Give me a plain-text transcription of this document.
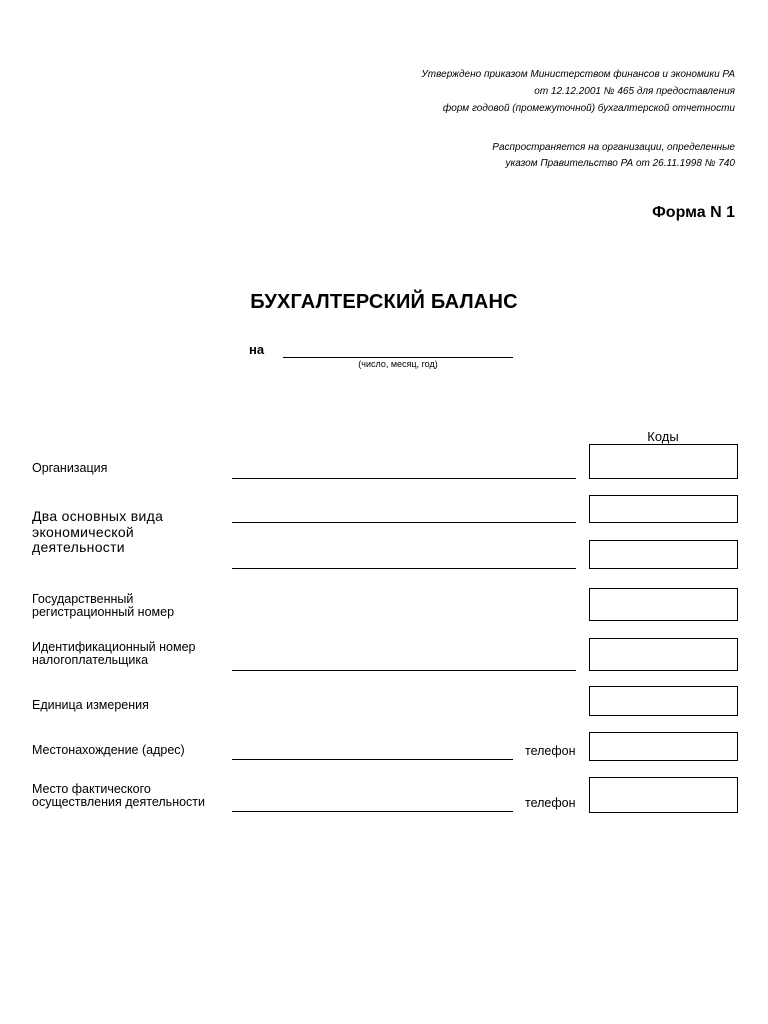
Утверждено приказом Министерством финансов и экономики РА
от 12.12.2001 № 465 для предоставления
форм годовой (промежуточной) бухгалтерской отчетности
Распространяется на организации, определенные
указом Правительство РА от 26.11.1998 № 740
Форма N 1
БУХГАЛТЕРСКИЙ БАЛАНС
на
(число, месяц, год)
Коды
Организация
Два основных вида экономической деятельности
Государственный
регистрационный номер
Идентификационный номер
налогоплательщика
Единица измерения
Местонахождение (адрес)	телефон
Место фактического
осуществления деятельности	телефон
